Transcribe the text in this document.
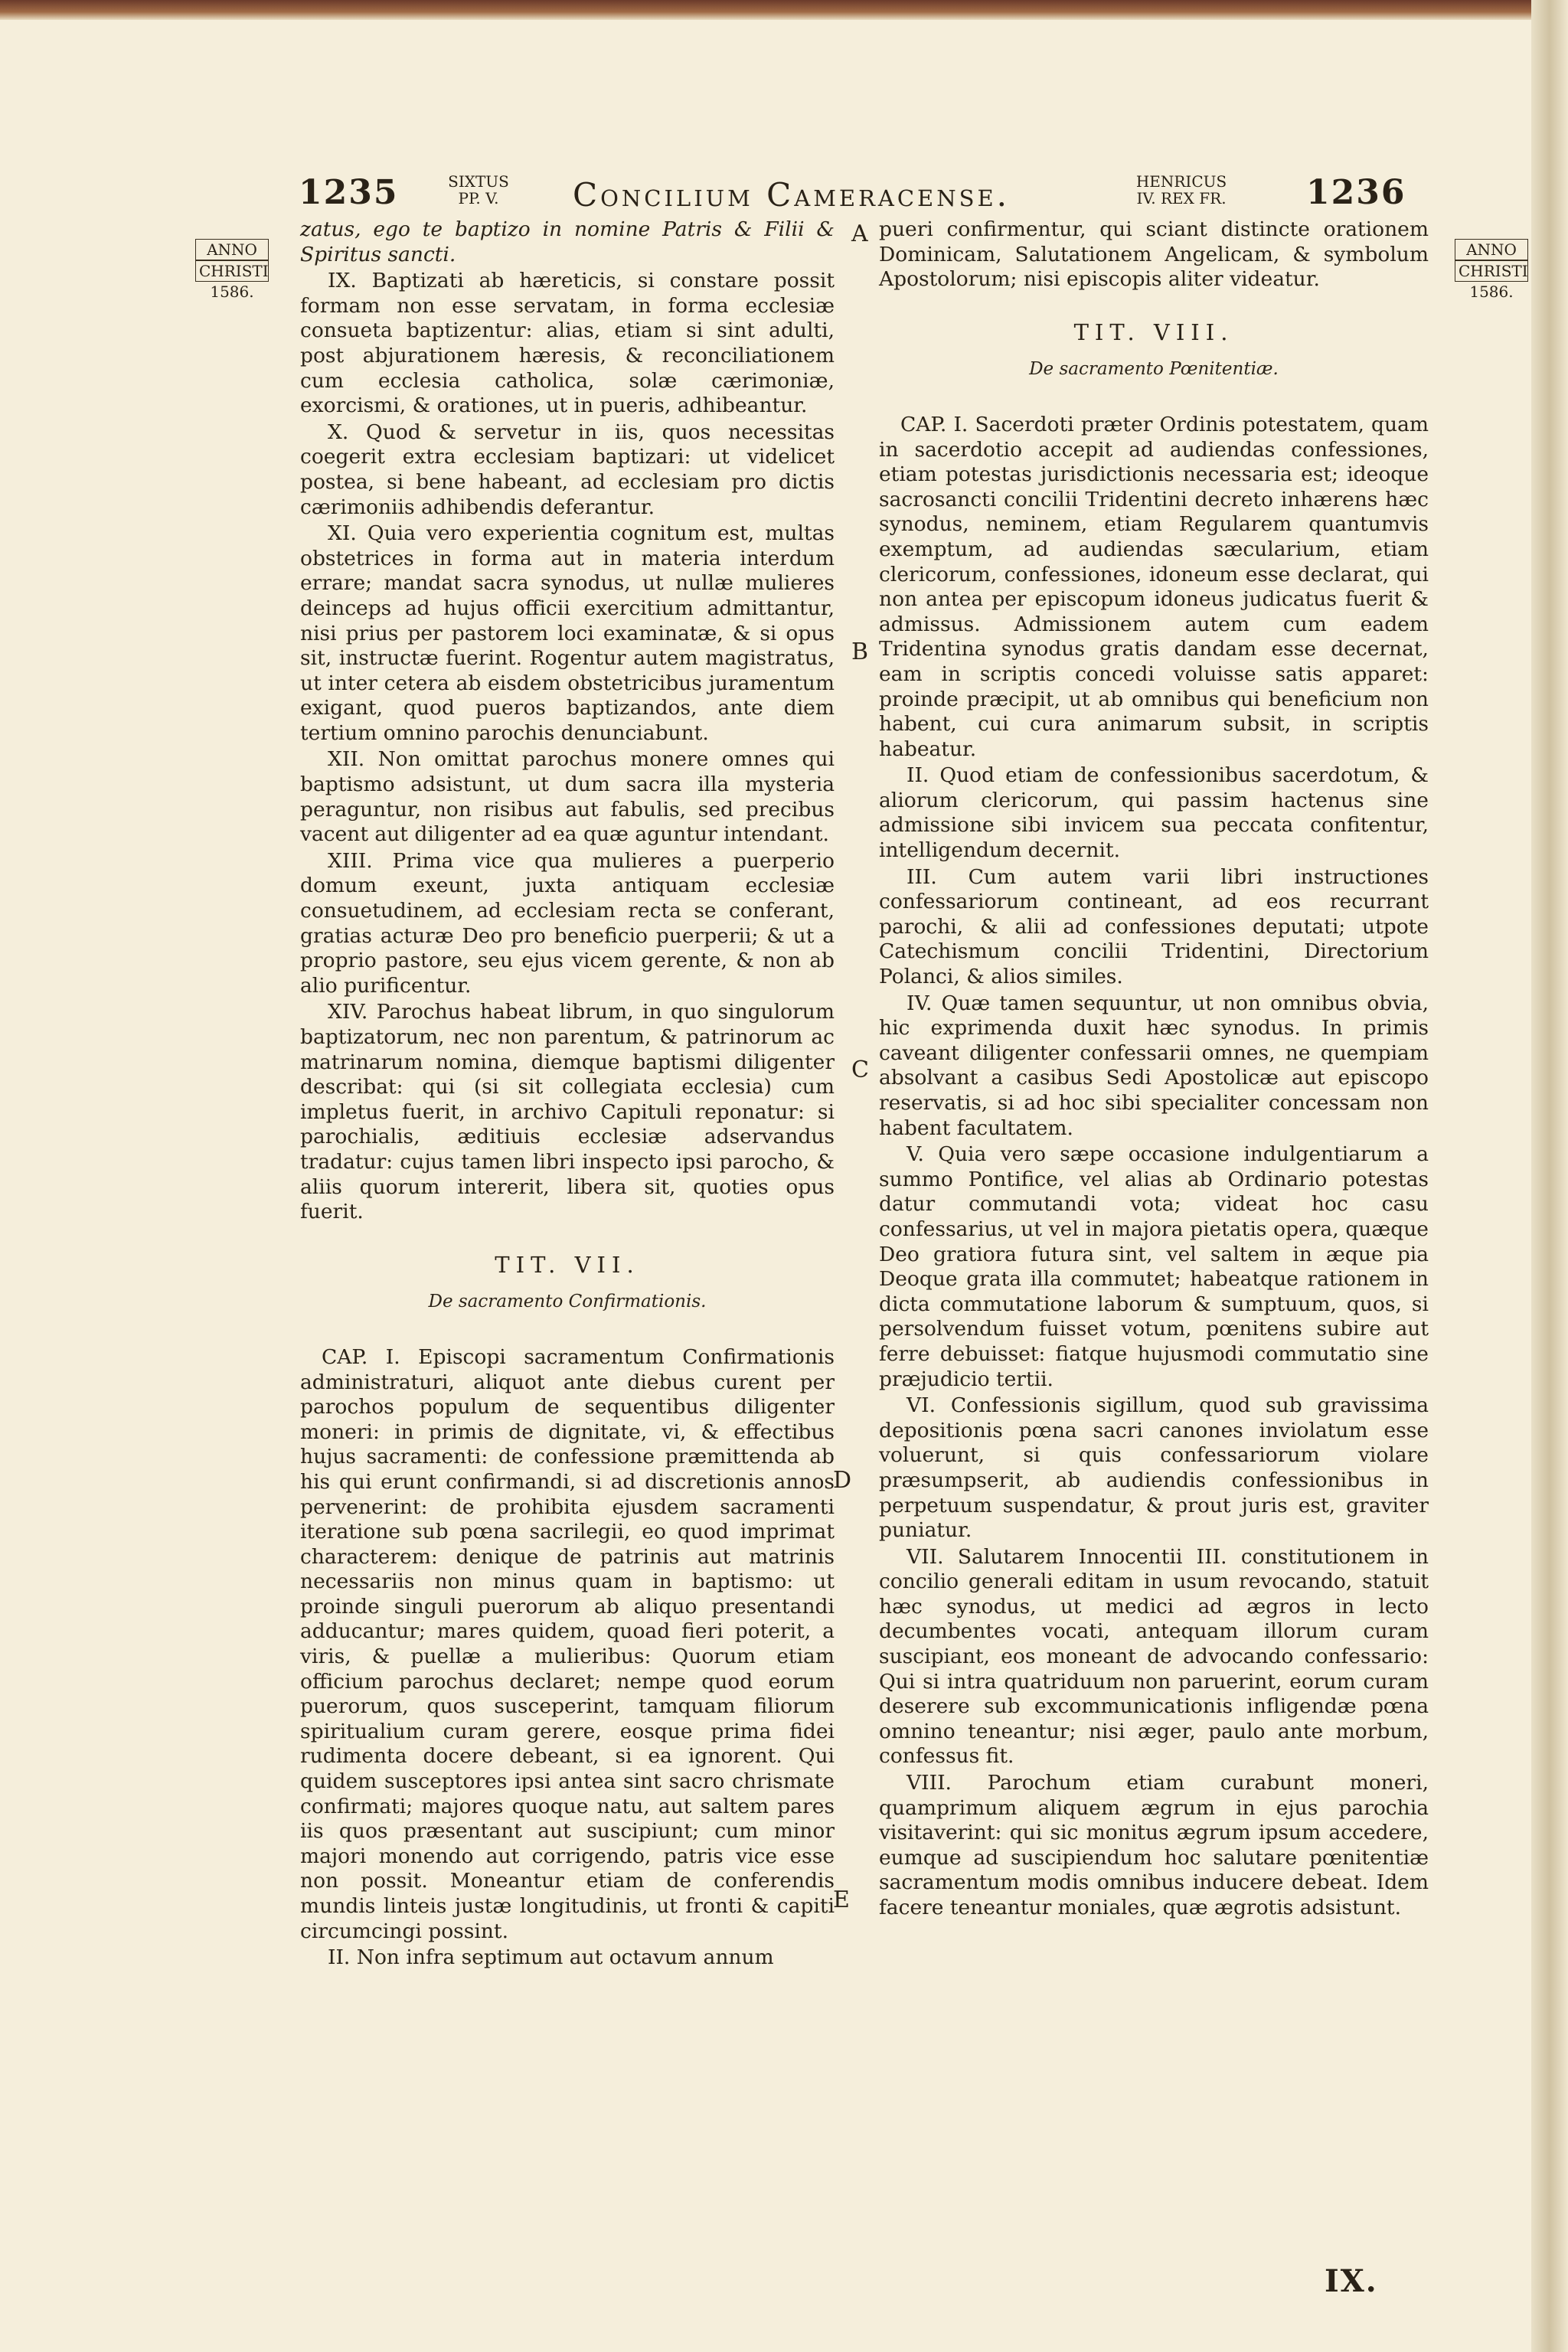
1235	SIXTUS PP. V.	Concilium Cameracense.	HENRICUS IV. REX FR. 1236
ANNO
CHRISTI
1586.
ANNO
CHRISTI
1586.
A
B
C
D
E

zatus, ego te baptizo in nomine Patris & Filii & Spiritus sancti.

IX. Baptizati ab hæreticis, si constare possit formam non esse servatam, in forma ecclesiæ consueta baptizentur: alias, etiam si sint adulti, post abjurationem hæresis, & reconciliationem cum ecclesia catholica, solæ cærimoniæ, exorcismi, & orationes, ut in pueris, adhibeantur.

X. Quod & servetur in iis, quos necessitas coegerit extra ecclesiam baptizari: ut videlicet postea, si bene habeant, ad ecclesiam pro dictis cærimoniis adhibendis deferantur.

XI. Quia vero experientia cognitum est, multas obstetrices in forma aut in materia interdum errare; mandat sacra synodus, ut nullæ mulieres deinceps ad hujus officii exercitium admittantur, nisi prius per pastorem loci examinatæ, & si opus sit, instructæ fuerint. Rogentur autem magistratus, ut inter cetera ab eisdem obstetricibus juramentum exigant, quod pueros baptizandos, ante diem tertium omnino parochis denunciabunt.

XII. Non omittat parochus monere omnes qui baptismo adsistunt, ut dum sacra illa mysteria peraguntur, non risibus aut fabulis, sed precibus vacent aut diligenter ad ea quæ aguntur intendant.

XIII. Prima vice qua mulieres a puerperio domum exeunt, juxta antiquam ecclesiæ consuetudinem, ad ecclesiam recta se conferant, gratias acturæ Deo pro beneficio puerperii; & ut a proprio pastore, seu ejus vicem gerente, & non ab alio purificentur.

XIV. Parochus habeat librum, in quo singulorum baptizatorum, nec non parentum, & patrinorum ac matrinarum nomina, diemque baptismi diligenter describat: qui (si sit collegiata ecclesia) cum impletus fuerit, in archivo Capituli reponatur: si parochialis, æditiuis ecclesiæ adservandus tradatur: cujus tamen libri inspecto ipsi parocho, & aliis quorum intererit, libera sit, quoties opus fuerit.

TIT. VII.
De sacramento Confirmationis.

CAP. I. Episcopi sacramentum Confirmationis administraturi, aliquot ante diebus curent per parochos populum de sequentibus diligenter moneri: in primis de dignitate, vi, & effectibus hujus sacramenti: de confessione præmittenda ab his qui erunt confirmandi, si ad discretionis annos pervenerint: de prohibita ejusdem sacramenti iteratione sub pœna sacrilegii, eo quod imprimat characterem: denique de patrinis aut matrinis necessariis non minus quam in baptismo: ut proinde singuli puerorum ab aliquo presentandi adducantur; mares quidem, quoad fieri poterit, a viris, & puellæ a mulieribus: Quorum etiam officium parochus declaret; nempe quod eorum puerorum, quos susceperint, tamquam filiorum spiritualium curam gerere, eosque prima fidei rudimenta docere debeant, si ea ignorent. Qui quidem susceptores ipsi antea sint sacro chrismate confirmati; majores quoque natu, aut saltem pares iis quos præsentant aut suscipiunt; cum minor majori monendo aut corrigendo, patris vice esse non possit. Moneantur etiam de conferendis mundis linteis justæ longitudinis, ut fronti & capiti circumcingi possint.

II. Non infra septimum aut octavum annum

pueri confirmentur, qui sciant distincte orationem Dominicam, Salutationem Angelicam, & symbolum Apostolorum; nisi episcopis aliter videatur.

TIT. VIII.
De sacramento Pœnitentiæ.

CAP. I. Sacerdoti præter Ordinis potestatem, quam in sacerdotio accepit ad audiendas confessiones, etiam potestas jurisdictionis necessaria est; ideoque sacrosancti concilii Tridentini decreto inhærens hæc synodus, neminem, etiam Regularem quantumvis exemptum, ad audiendas sæcularium, etiam clericorum, confessiones, idoneum esse declarat, qui non antea per episcopum idoneus judicatus fuerit & admissus. Admissionem autem cum eadem Tridentina synodus gratis dandam esse decernat, eam in scriptis concedi voluisse satis apparet: proinde præcipit, ut ab omnibus qui beneficium non habent, cui cura animarum subsit, in scriptis habeatur.

II. Quod etiam de confessionibus sacerdotum, & aliorum clericorum, qui passim hactenus sine admissione sibi invicem sua peccata confitentur, intelligendum decernit.

III. Cum autem varii libri instructiones confessariorum contineant, ad eos recurrant parochi, & alii ad confessiones deputati; utpote Catechismum concilii Tridentini, Directorium Polanci, & alios similes.

IV. Quæ tamen sequuntur, ut non omnibus obvia, hic exprimenda duxit hæc synodus. In primis caveant diligenter confessarii omnes, ne quempiam absolvant a casibus Sedi Apostolicæ aut episcopo reservatis, si ad hoc sibi specialiter concessam non habent facultatem.

V. Quia vero sæpe occasione indulgentiarum a summo Pontifice, vel alias ab Ordinario potestas datur commutandi vota; videat hoc casu confessarius, ut vel in majora pietatis opera, quæque Deo gratiora futura sint, vel saltem in æque pia Deoque grata illa commutet; habeatque rationem in dicta commutatione laborum & sumptuum, quos, si persolvendum fuisset votum, pœnitens subire aut ferre debuisset: fiatque hujusmodi commutatio sine præjudicio tertii.

VI. Confessionis sigillum, quod sub gravissima depositionis pœna sacri canones inviolatum esse voluerunt, si quis confessariorum violare præsumpserit, ab audiendis confessionibus in perpetuum suspendatur, & prout juris est, graviter puniatur.

VII. Salutarem Innocentii III. constitutionem in concilio generali editam in usum revocando, statuit hæc synodus, ut medici ad ægros in lecto decumbentes vocati, antequam illorum curam suscipiant, eos moneant de advocando confessario: Qui si intra quatriduum non paruerint, eorum curam deserere sub excommunicationis infligendæ pœna omnino teneantur; nisi æger, paulo ante morbum, confessus fit.

VIII. Parochum etiam curabunt moneri, quamprimum aliquem ægrum in ejus parochia visitaverint: qui sic monitus ægrum ipsum accedere, eumque ad suscipiendum hoc salutare pœnitentiæ sacramentum modis omnibus inducere debeat. Idem facere teneantur moniales, quæ ægrotis adsistunt.

IX.
